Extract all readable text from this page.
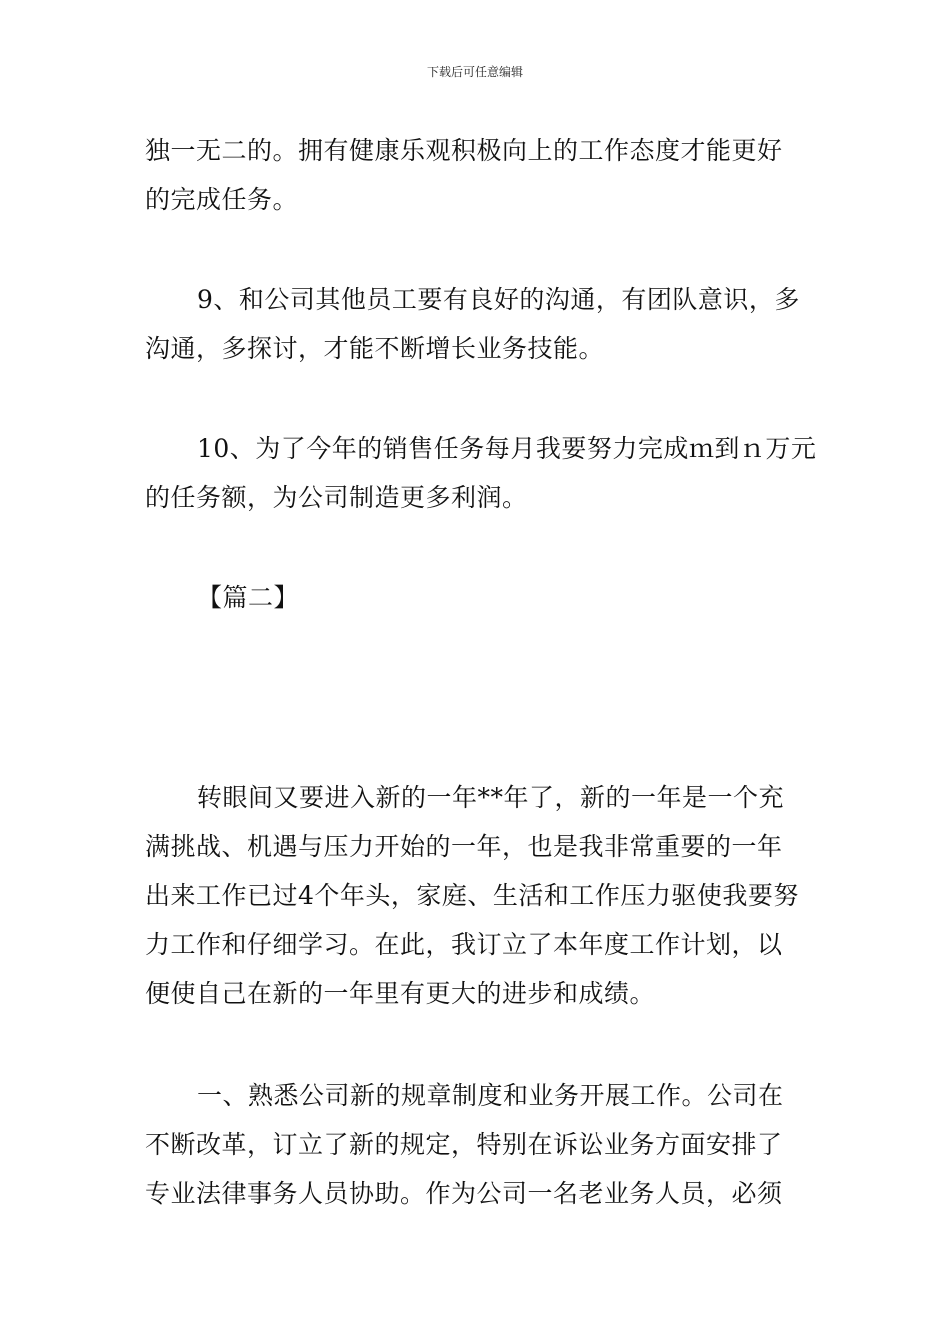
下载后可任意编辑
独一无二的。拥有健康乐观积极向上的工作态度才能更好
的完成任务。
9、和公司其他员工要有良好的沟通，有团队意识，多
沟通，多探讨，才能不断增长业务技能。
10、为了今年的销售任务每月我要努力完成ｍ到ｎ万元
的任务额，为公司制造更多利润。
【篇二】
转眼间又要进入新的一年**年了，新的一年是一个充
满挑战、机遇与压力开始的一年，也是我非常重要的一年
出来工作已过4个年头，家庭、生活和工作压力驱使我要努
力工作和仔细学习。在此，我订立了本年度工作计划，以
便使自己在新的一年里有更大的进步和成绩。
一、熟悉公司新的规章制度和业务开展工作。公司在
不断改革，订立了新的规定，特别在诉讼业务方面安排了
专业法律事务人员协助。作为公司一名老业务人员，必须
